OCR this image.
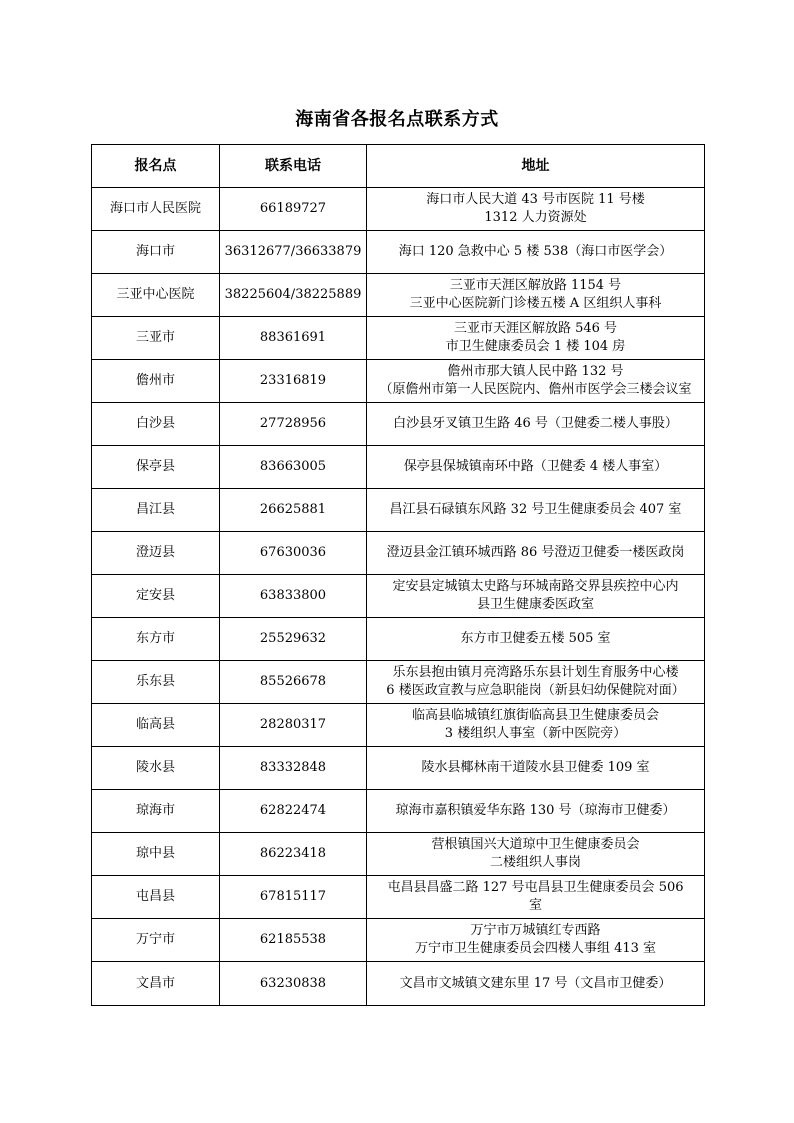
海南省各报名点联系方式
报名点	联系电话	地址
海口市人民医院	66189727	海口市人民大道 43 号市医院 11 号楼
1312 人力资源处

海口市	36312677/36633879	海口 120 急救中心 5 楼 538（海口市医学会）

三亚中心医院	38225604/38225889	三亚市天涯区解放路 1154 号
三亚中心医院新门诊楼五楼 A 区组织人事科

三亚市	88361691	三亚市天涯区解放路 546 号
市卫生健康委员会 1 楼 104 房

儋州市	23316819	儋州市那大镇人民中路 132 号
（原儋州市第一人民医院内、儋州市医学会三楼会议室

白沙县	27728956	白沙县牙叉镇卫生路 46 号（卫健委二楼人事股）

保亭县	83663005	保亭县保城镇南环中路（卫健委 4 楼人事室）

昌江县	26625881	昌江县石碌镇东风路 32 号卫生健康委员会 407 室

澄迈县	67630036	澄迈县金江镇环城西路 86 号澄迈卫健委一楼医政岗

定安县	63833800	定安县定城镇太史路与环城南路交界县疾控中心内
县卫生健康委医政室

东方市	25529632	东方市卫健委五楼 505 室

乐东县	85526678	乐东县抱由镇月亮湾路乐东县计划生育服务中心楼
6 楼医政宣教与应急职能岗（新县妇幼保健院对面）

临高县	28280317	临高县临城镇红旗街临高县卫生健康委员会
3 楼组织人事室（新中医院旁）

陵水县	83332848	陵水县椰林南干道陵水县卫健委 109 室

琼海市	62822474	琼海市嘉积镇爱华东路 130 号（琼海市卫健委）

琼中县	86223418	营根镇国兴大道琼中卫生健康委员会
二楼组织人事岗

屯昌县	67815117	屯昌县昌盛二路 127 号屯昌县卫生健康委员会 506
室

万宁市	62185538	万宁市万城镇红专西路
万宁市卫生健康委员会四楼人事组 413 室

文昌市	63230838	文昌市文城镇文建东里 17 号（文昌市卫健委）
